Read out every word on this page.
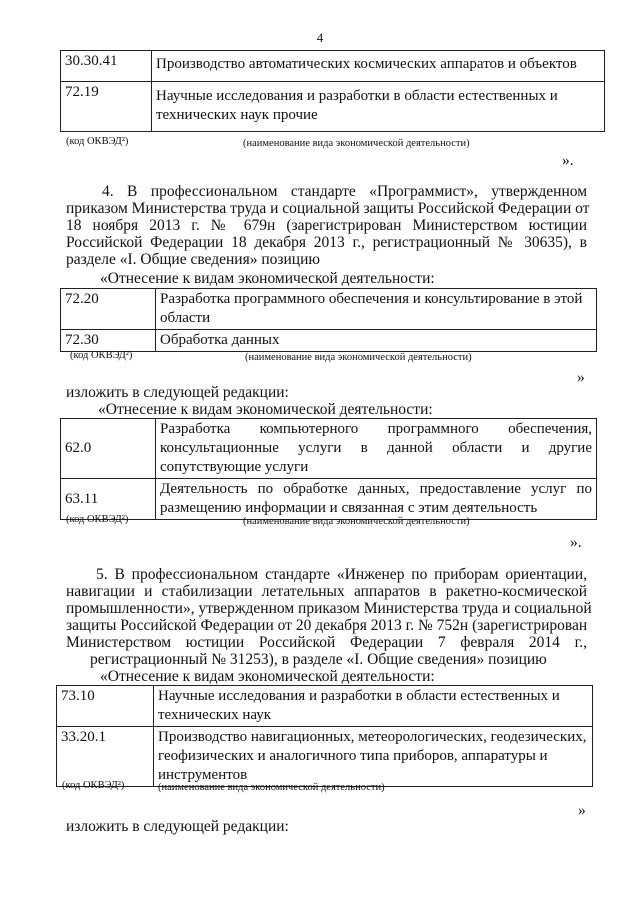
4
30.30.41	Производство автоматических космических аппаратов и объектов
72.19	Научные исследования и разработки в области естественных и технических наук прочие
(код ОКВЭД²)	(наименование вида экономической деятельности)
».
4. В профессиональном стандарте «Программист», утвержденном
приказом Министерства труда и социальной защиты Российской Федерации от
18 ноября 2013 г. № 679н (зарегистрирован Министерством юстиции
Российской Федерации 18 декабря 2013 г., регистрационный № 30635), в
разделе «I. Общие сведения» позицию
«Отнесение к видам экономической деятельности:
72.20	Разработка программного обеспечения и консультирование в этой области
72.30	Обработка данных
(код ОКВЭД²)	(наименование вида экономической деятельности)
»
изложить в следующей редакции:
«Отнесение к видам экономической деятельности:
62.0	Разработка компьютерного программного обеспечения, консультационные услуги в данной области и другие сопутствующие услуги
63.11	Деятельность по обработке данных, предоставление услуг по размещению информации и связанная с этим деятельность
(код ОКВЭД²)	(наименование вида экономической деятельности)
».
5. В профессиональном стандарте «Инженер по приборам ориентации,
навигации и стабилизации летательных аппаратов в ракетно-космической
промышленности», утвержденном приказом Министерства труда и социальной
защиты Российской Федерации от 20 декабря 2013 г. № 752н (зарегистрирован
Министерством юстиции Российской Федерации 7 февраля 2014 г.,
регистрационный № 31253), в разделе «I. Общие сведения» позицию
«Отнесение к видам экономической деятельности:
73.10	Научные исследования и разработки в области естественных и технических наук
33.20.1	Производство навигационных, метеорологических, геодезических, геофизических и аналогичного типа приборов, аппаратуры и инструментов
(код ОКВЭД²)	(наименование вида экономической деятельности)
»
изложить в следующей редакции:
